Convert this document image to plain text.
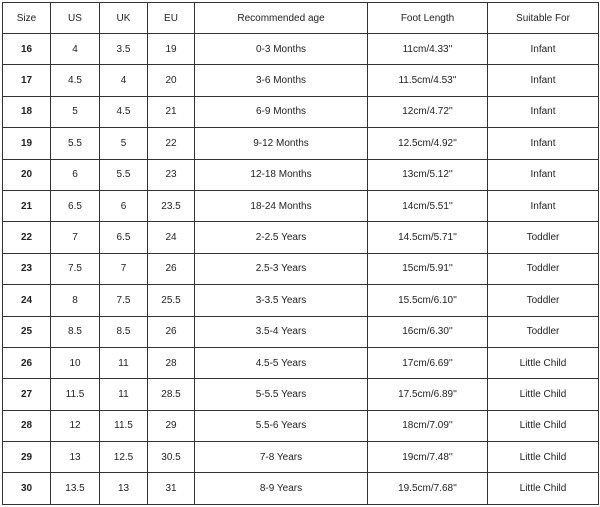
Size	US	UK	EU	Recommended age	Foot Length	Suitable For
16	4	3.5	19	0-3 Months	11cm/4.33''	Infant
17	4.5	4	20	3-6 Months	11.5cm/4.53''	Infant
18	5	4.5	21	6-9 Months	12cm/4.72''	Infant
19	5.5	5	22	9-12 Months	12.5cm/4.92''	Infant
20	6	5.5	23	12-18 Months	13cm/5.12''	Infant
21	6.5	6	23.5	18-24 Months	14cm/5.51''	Infant
22	7	6.5	24	2-2.5 Years	14.5cm/5.71''	Toddler
23	7.5	7	26	2.5-3 Years	15cm/5.91''	Toddler
24	8	7.5	25.5	3-3.5 Years	15.5cm/6.10''	Toddler
25	8.5	8.5	26	3.5-4 Years	16cm/6.30''	Toddler
26	10	11	28	4.5-5 Years	17cm/6.69''	Little Child
27	11.5	11	28.5	5-5.5 Years	17.5cm/6.89''	Little Child
28	12	11.5	29	5.5-6 Years	18cm/7.09''	Little Child
29	13	12.5	30.5	7-8 Years	19cm/7.48''	Little Child
30	13.5	13	31	8-9 Years	19.5cm/7.68''	Little Child
